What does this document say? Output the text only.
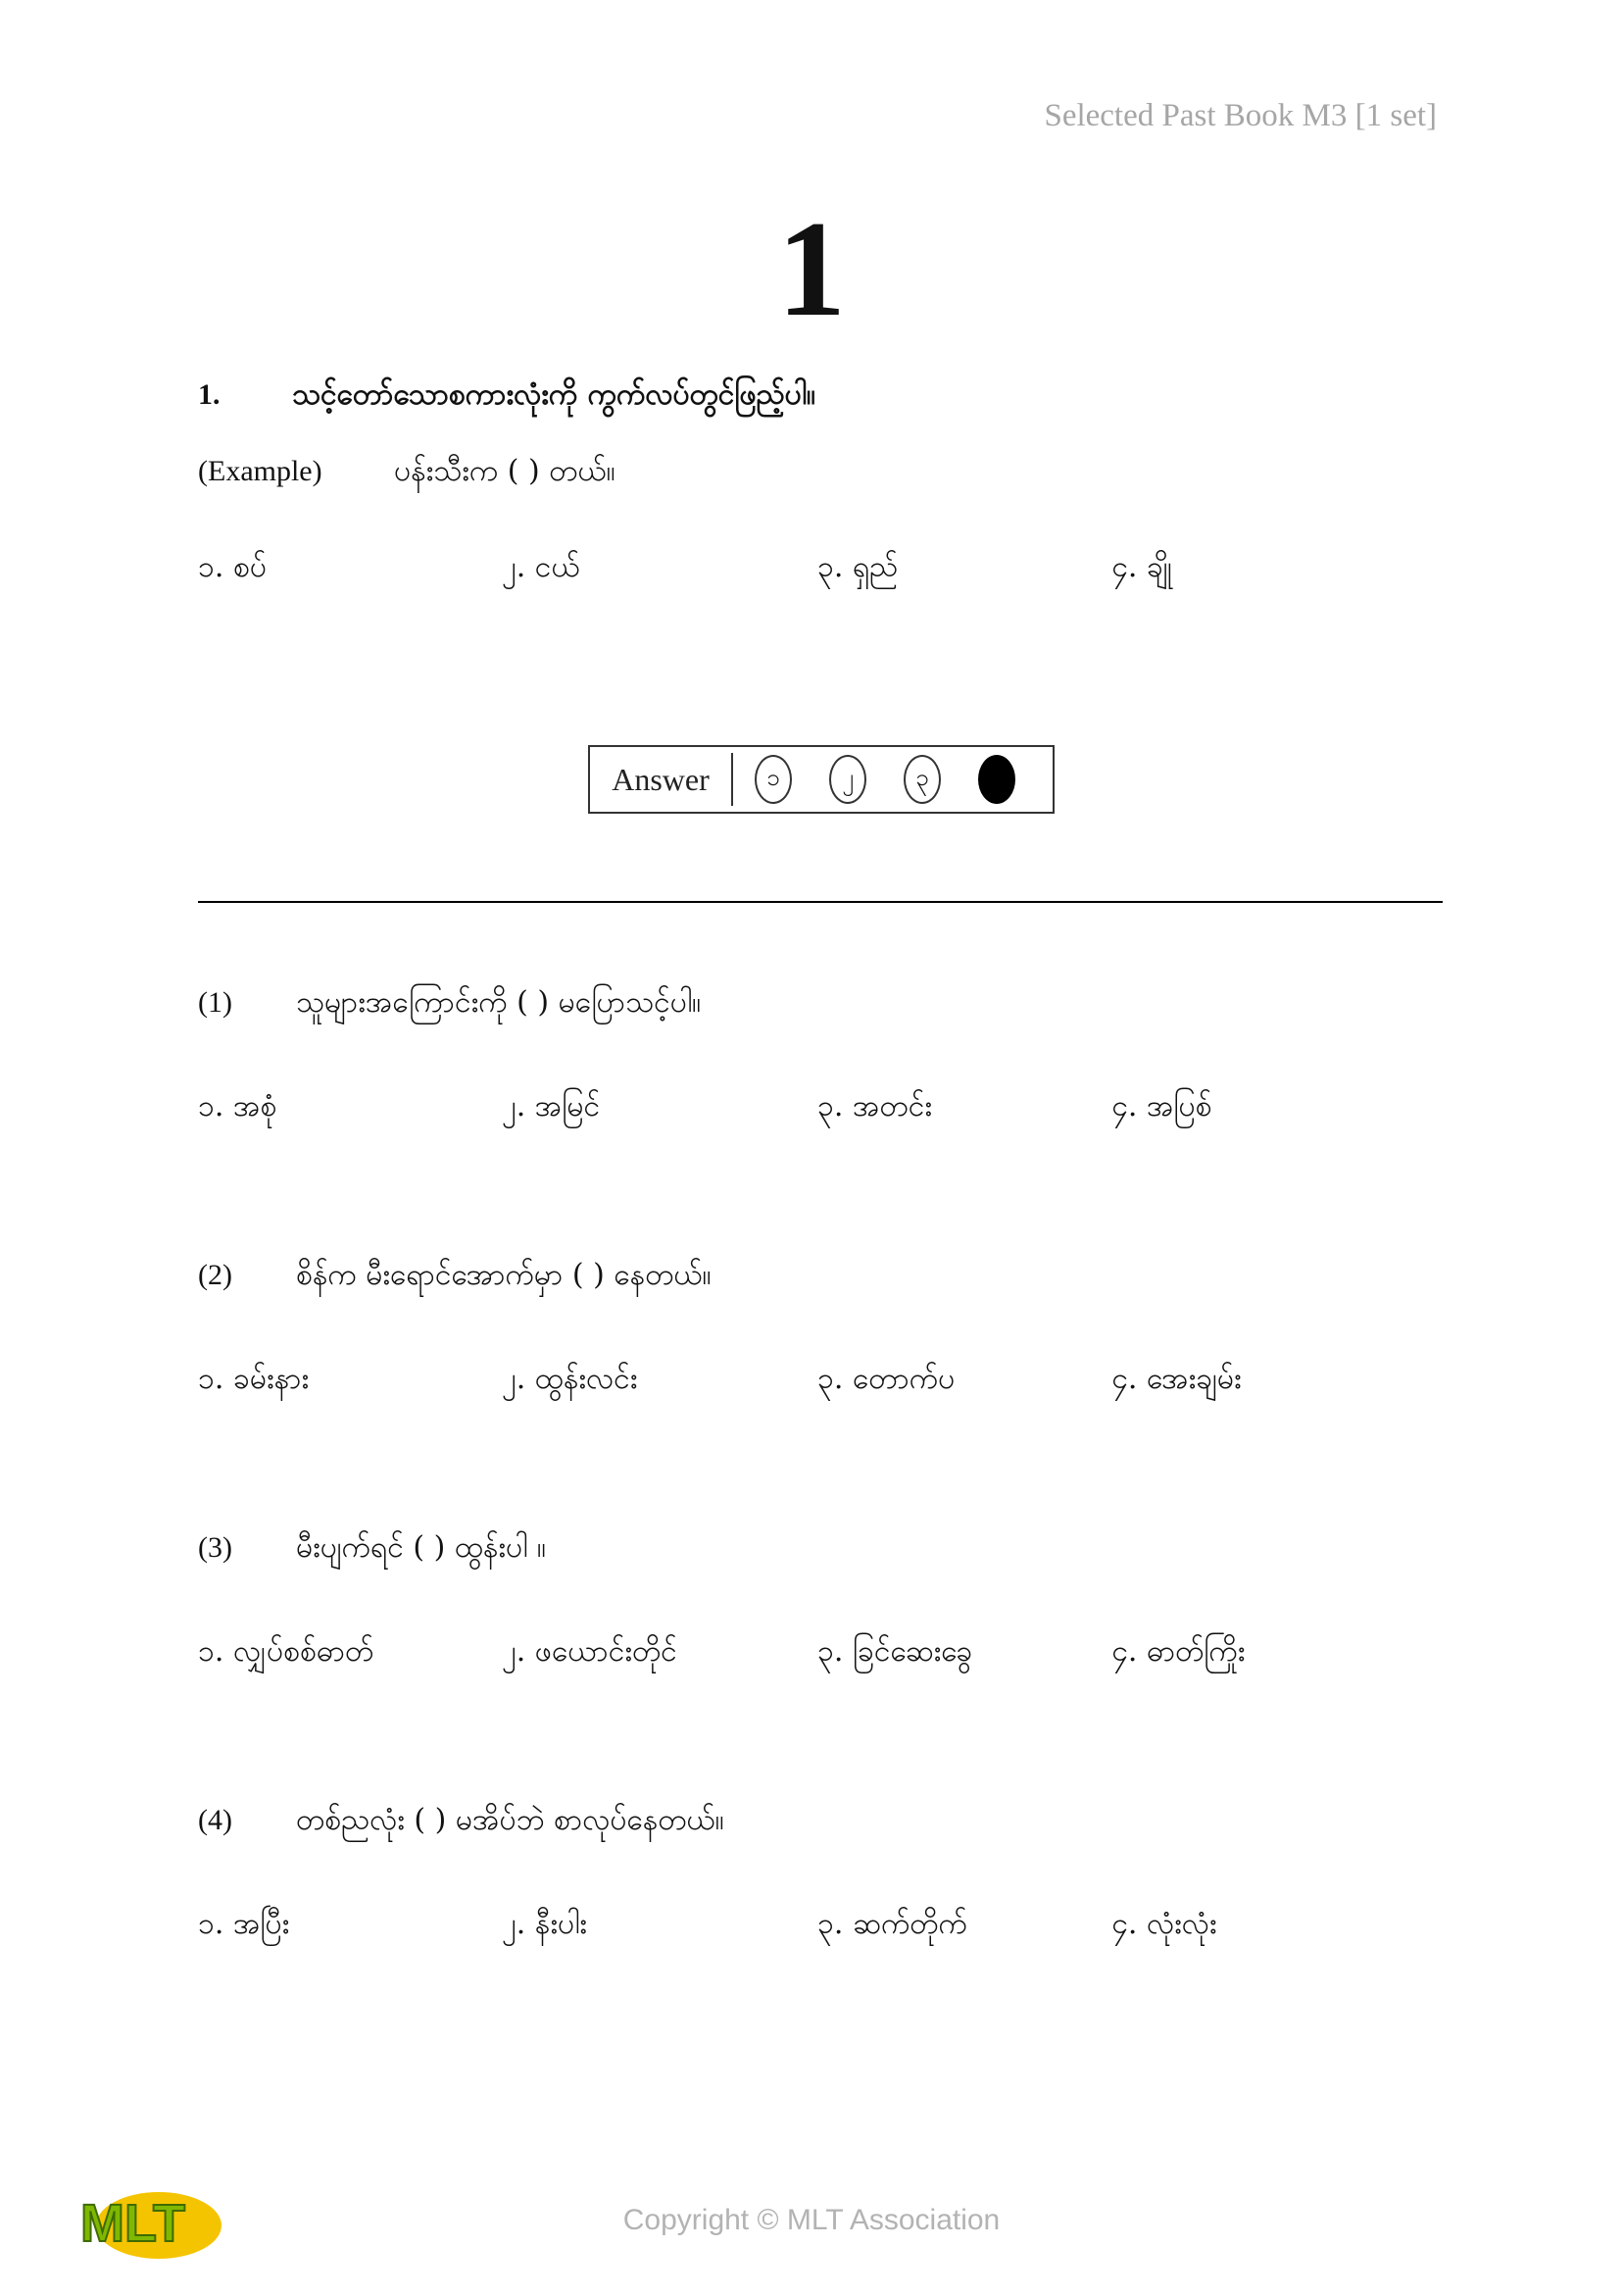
Selected Past Book M3 [1 set]
1
1. သင့်တော်သောစကားလုံးကို ကွက်လပ်တွင်ဖြည့်ပါ။
(Example) ပန်းသီးက ( ) တယ်။
၁. စပ်	၂. ငယ်	၃. ရှည်	၄. ချို
Answer	၁	၂	၃
(1) သူများအကြောင်းကို ( ) မပြောသင့်ပါ။
၁. အစုံ	၂. အမြင်	၃. အတင်း	၄. အပြစ်
(2) စိန်က မီးရောင်အောက်မှာ ( ) နေတယ်။
၁. ခမ်းနား	၂. ထွန်းလင်း	၃. တောက်ပ	၄. အေးချမ်း
(3) မီးပျက်ရင် ( ) ထွန်းပါ ။
၁. လျှပ်စစ်ဓာတ်	၂. ဖယောင်းတိုင်	၃. ခြင်ဆေးခွေ	၄. ဓာတ်ကြိုး
(4) တစ်ညလုံး ( ) မအိပ်ဘဲ စာလုပ်နေတယ်။
၁. အပြီး	၂. နီးပါး	၃. ဆက်တိုက်	၄. လုံးလုံး
MLT	Copyright © MLT Association
